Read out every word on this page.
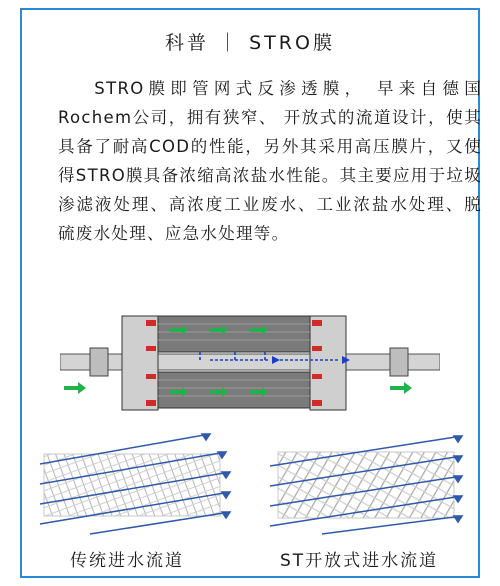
科普 ｜ STRO膜

STRO膜即管网式反渗透膜， 早来自德国Rochem公司，拥有狭窄、 开放式的流道设计，使其具备了耐高COD的性能，另外其采用高压膜片，又使得STRO膜具备浓缩高浓盐水性能。其主要应用于垃圾渗滤液处理、高浓度工业废水、工业浓盐水处理、脱硫废水处理、应急水处理等。

传统进水流道	ST开放式进水流道
